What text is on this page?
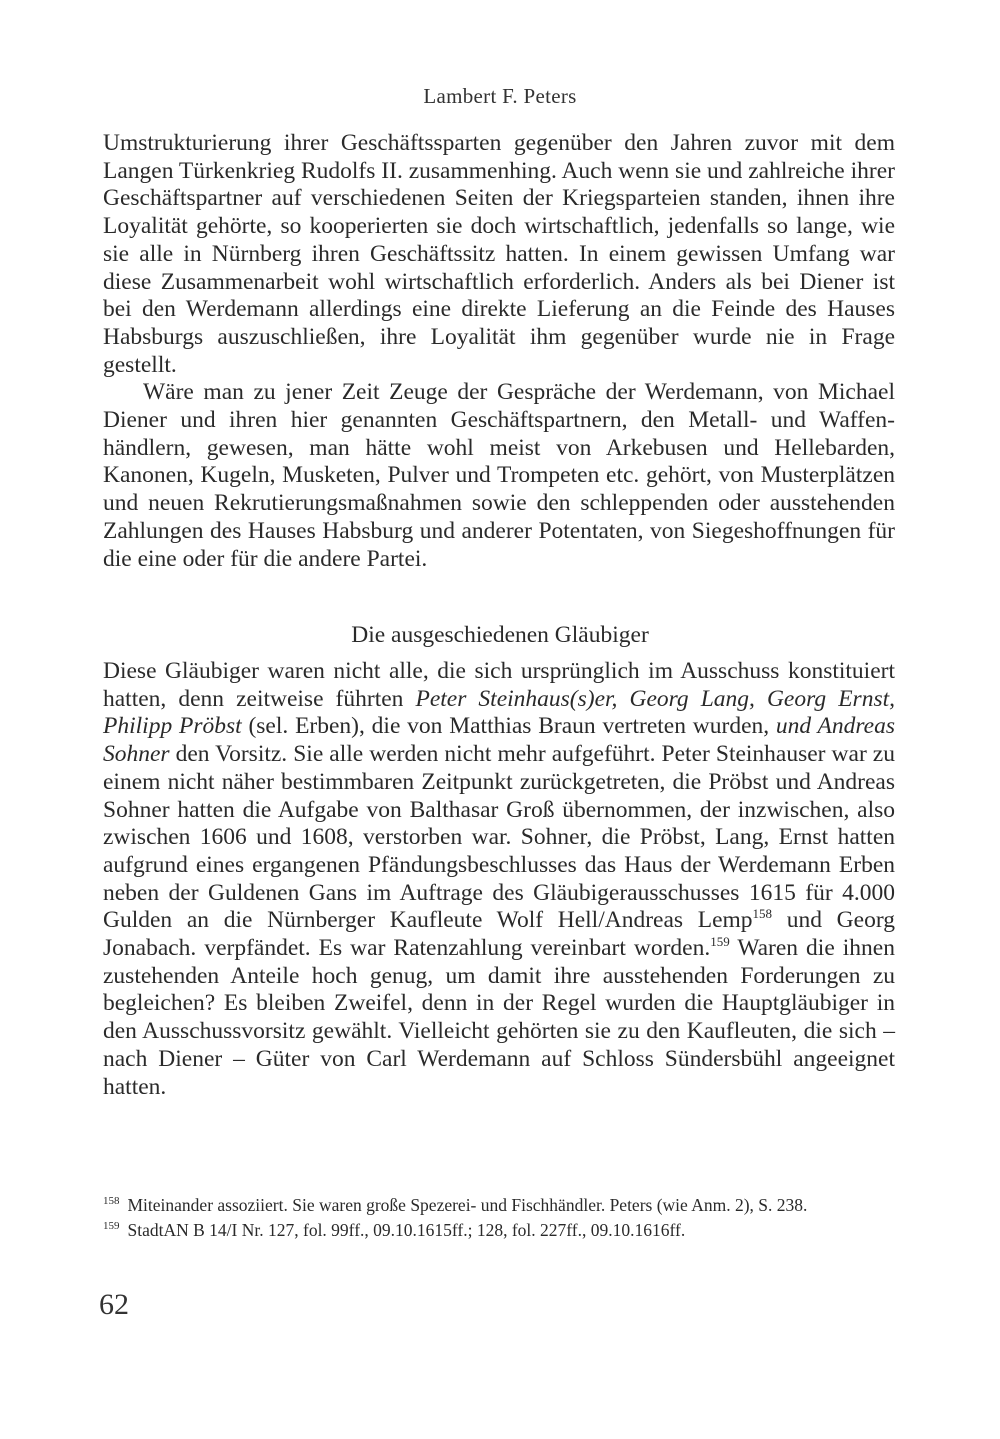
Lambert F. Peters

Umstrukturierung ihrer Geschäftssparten gegenüber den Jahren zuvor mit dem Langen Türkenkrieg Rudolfs II. zusammenhing. Auch wenn sie und zahlreiche ihrer Geschäftspartner auf verschiedenen Seiten der Kriegsparteien standen, ihnen ihre Loyalität gehörte, so kooperierten sie doch wirtschaftlich, jedenfalls so lange, wie sie alle in Nürnberg ihren Geschäftssitz hatten. In einem gewissen Umfang war diese Zusammenarbeit wohl wirtschaftlich erforderlich. Anders als bei Diener ist bei den Werdemann allerdings eine direkte Lieferung an die Feinde des Hauses Habsburgs auszuschließen, ihre Loyalität ihm gegenüber wurde nie in Frage gestellt.

Wäre man zu jener Zeit Zeuge der Gespräche der Werdemann, von Michael Diener und ihren hier genannten Geschäftspartnern, den Metall- und Waffenhändlern, gewesen, man hätte wohl meist von Arkebusen und Hellebarden, Kanonen, Kugeln, Musketen, Pulver und Trompeten etc. gehört, von Musterplätzen und neuen Rekrutierungsmaßnahmen sowie den schleppenden oder ausstehenden Zahlungen des Hauses Habsburg und anderer Potentaten, von Siegeshoffnungen für die eine oder für die andere Partei.

Die ausgeschiedenen Gläubiger

Diese Gläubiger waren nicht alle, die sich ursprünglich im Ausschuss konstituiert hatten, denn zeitweise führten Peter Steinhaus(s)er, Georg Lang, Georg Ernst, Philipp Pröbst (sel. Erben), die von Matthias Braun vertreten wurden, und Andreas Sohner den Vorsitz. Sie alle werden nicht mehr aufgeführt. Peter Steinhauser war zu einem nicht näher bestimmbaren Zeitpunkt zurückgetreten, die Pröbst und Andreas Sohner hatten die Aufgabe von Balthasar Groß übernommen, der inzwischen, also zwischen 1606 und 1608, verstorben war. Sohner, die Pröbst, Lang, Ernst hatten aufgrund eines ergangenen Pfändungsbeschlusses das Haus der Werdemann Erben neben der Guldenen Gans im Auftrage des Gläubigerausschusses 1615 für 4.000 Gulden an die Nürnberger Kaufleute Wolf Hell/Andreas Lemp$^{158}$ und Georg Jonabach. verpfändet. Es war Ratenzahlung vereinbart worden.$^{159}$ Waren die ihnen zustehenden Anteile hoch genug, um damit ihre ausstehenden Forderungen zu begleichen? Es bleiben Zweifel, denn in der Regel wurden die Hauptgläubiger in den Ausschussvorsitz gewählt. Vielleicht gehörten sie zu den Kaufleuten, die sich – nach Diener – Güter von Carl Werdemann auf Schloss Sündersbühl angeeignet hatten.

$^{158}$ Miteinander assoziiert. Sie waren große Spezerei- und Fischhändler. Peters (wie Anm. 2), S. 238.

$^{159}$ StadtAN B 14/I Nr. 127, fol. 99ff., 09.10.1615ff.; 128, fol. 227ff., 09.10.1616ff.

62
